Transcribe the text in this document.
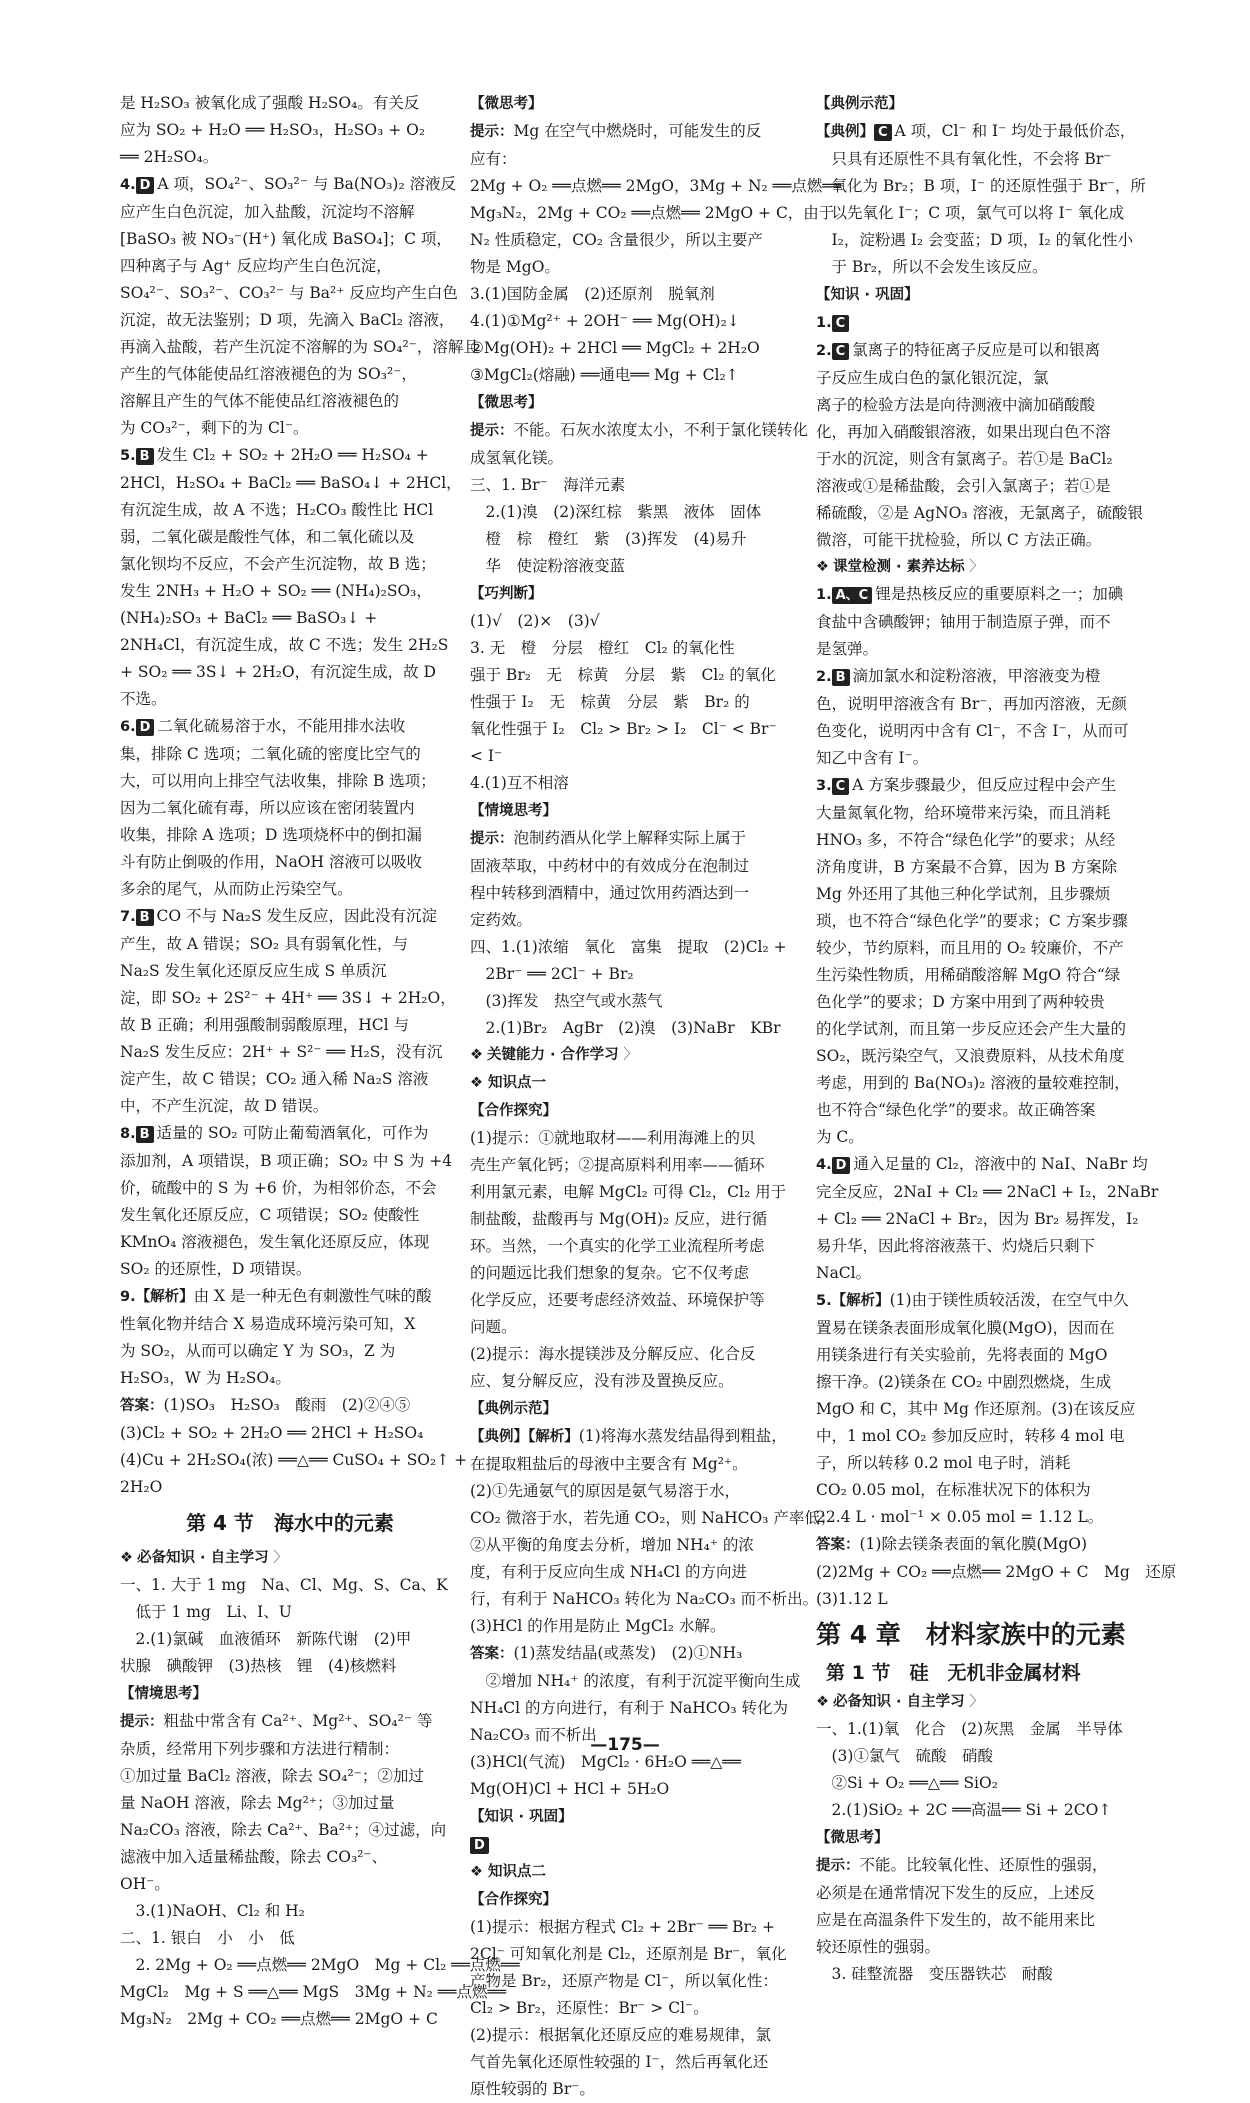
是 H₂SO₃ 被氧化成了强酸 H₂SO₄。有关反
应为 SO₂ + H₂O ══ H₂SO₃，H₂SO₃ + O₂
══ 2H₂SO₄。
4. D A 项，SO₄²⁻、SO₃²⁻ 与 Ba(NO₃)₂ 溶液反
应产生白色沉淀，加入盐酸，沉淀均不溶解
[BaSO₃ 被 NO₃⁻(H⁺) 氧化成 BaSO₄]；C 项，
四种离子与 Ag⁺ 反应均产生白色沉淀，
SO₄²⁻、SO₃²⁻、CO₃²⁻ 与 Ba²⁺ 反应均产生白色
沉淀，故无法鉴别；D 项，先滴入 BaCl₂ 溶液，
再滴入盐酸，若产生沉淀不溶解的为 SO₄²⁻，溶解且
产生的气体能使品红溶液褪色的为 SO₃²⁻，
溶解且产生的气体不能使品红溶液褪色的
为 CO₃²⁻，剩下的为 Cl⁻。
5. B 发生 Cl₂ + SO₂ + 2H₂O ══ H₂SO₄ +
2HCl，H₂SO₄ + BaCl₂ ══ BaSO₄↓ + 2HCl，
有沉淀生成，故 A 不选；H₂CO₃ 酸性比 HCl
弱，二氧化碳是酸性气体，和二氧化硫以及
氯化钡均不反应，不会产生沉淀物，故 B 选；
发生 2NH₃ + H₂O + SO₂ ══ (NH₄)₂SO₃，
(NH₄)₂SO₃ + BaCl₂ ══ BaSO₃↓ +
2NH₄Cl，有沉淀生成，故 C 不选；发生 2H₂S
+ SO₂ ══ 3S↓ + 2H₂O，有沉淀生成，故 D
不选。
6. D 二氧化硫易溶于水，不能用排水法收
集，排除 C 选项；二氧化硫的密度比空气的
大，可以用向上排空气法收集，排除 B 选项；
因为二氧化硫有毒，所以应该在密闭装置内
收集，排除 A 选项；D 选项烧杯中的倒扣漏
斗有防止倒吸的作用，NaOH 溶液可以吸收
多余的尾气，从而防止污染空气。
7. B CO 不与 Na₂S 发生反应，因此没有沉淀
产生，故 A 错误；SO₂ 具有弱氧化性，与
Na₂S 发生氧化还原反应生成 S 单质沉
淀，即 SO₂ + 2S²⁻ + 4H⁺ ══ 3S↓ + 2H₂O，
故 B 正确；利用强酸制弱酸原理，HCl 与
Na₂S 发生反应：2H⁺ + S²⁻ ══ H₂S，没有沉
淀产生，故 C 错误；CO₂ 通入稀 Na₂S 溶液
中，不产生沉淀，故 D 错误。
8. B 适量的 SO₂ 可防止葡萄酒氧化，可作为
添加剂，A 项错误，B 项正确；SO₂ 中 S 为 +4
价，硫酸中的 S 为 +6 价，为相邻价态，不会
发生氧化还原反应，C 项错误；SO₂ 使酸性
KMnO₄ 溶液褪色，发生氧化还原反应，体现
SO₂ 的还原性，D 项错误。
9.【解析】由 X 是一种无色有刺激性气味的酸
性氧化物并结合 X 易造成环境污染可知，X
为 SO₂，从而可以确定 Y 为 SO₃，Z 为
H₂SO₃，W 为 H₂SO₄。
答案：(1)SO₃　H₂SO₃　酸雨　(2)②④⑤
(3)Cl₂ + SO₂ + 2H₂O ══ 2HCl + H₂SO₄
(4)Cu + 2H₂SO₄(浓) ══△══ CuSO₄ + SO₂↑ +
2H₂O
第 4 节　海水中的元素
❖ 必备知识 · 自主学习 〉
一、1. 大于 1 mg　Na、Cl、Mg、S、Ca、K
　低于 1 mg　Li、I、U
　2.(1)氯碱　血液循环　新陈代谢　(2)甲
状腺　碘酸钾　(3)热核　锂　(4)核燃料
【情境思考】
提示：粗盐中常含有 Ca²⁺、Mg²⁺、SO₄²⁻ 等
杂质，经常用下列步骤和方法进行精制：
①加过量 BaCl₂ 溶液，除去 SO₄²⁻；②加过
量 NaOH 溶液，除去 Mg²⁺；③加过量
Na₂CO₃ 溶液，除去 Ca²⁺、Ba²⁺；④过滤，向
滤液中加入适量稀盐酸，除去 CO₃²⁻、
OH⁻。
　3.(1)NaOH、Cl₂ 和 H₂
二、1. 银白　小　小　低
　2. 2Mg + O₂ ══点燃══ 2MgO　Mg + Cl₂ ══点燃══
MgCl₂　Mg + S ══△══ MgS　3Mg + N₂ ══点燃══
Mg₃N₂　2Mg + CO₂ ══点燃══ 2MgO + C
【微思考】
提示：Mg 在空气中燃烧时，可能发生的反
应有：
2Mg + O₂ ══点燃══ 2MgO，3Mg + N₂ ══点燃══
Mg₃N₂，2Mg + CO₂ ══点燃══ 2MgO + C，由于
N₂ 性质稳定，CO₂ 含量很少，所以主要产
物是 MgO。
3.(1)国防金属　(2)还原剂　脱氧剂
4.(1)①Mg²⁺ + 2OH⁻ ══ Mg(OH)₂↓
②Mg(OH)₂ + 2HCl ══ MgCl₂ + 2H₂O
③MgCl₂(熔融) ══通电══ Mg + Cl₂↑
【微思考】
提示：不能。石灰水浓度太小，不利于氯化镁转化
成氢氧化镁。
三、1. Br⁻　海洋元素
　2.(1)溴　(2)深红棕　紫黑　液体　固体
　橙　棕　橙红　紫　(3)挥发　(4)易升
　华　使淀粉溶液变蓝
【巧判断】
(1)√　(2)×　(3)√
3. 无　橙　分层　橙红　Cl₂ 的氧化性
强于 Br₂　无　棕黄　分层　紫　Cl₂ 的氧化
性强于 I₂　无　棕黄　分层　紫　Br₂ 的
氧化性强于 I₂　Cl₂ > Br₂ > I₂　Cl⁻ < Br⁻
< I⁻
4.(1)互不相溶
【情境思考】
提示：泡制药酒从化学上解释实际上属于
固液萃取，中药材中的有效成分在泡制过
程中转移到酒精中，通过饮用药酒达到一
定药效。
四、1.(1)浓缩　氧化　富集　提取　(2)Cl₂ +
　2Br⁻ ══ 2Cl⁻ + Br₂
　(3)挥发　热空气或水蒸气
　2.(1)Br₂　AgBr　(2)溴　(3)NaBr　KBr
❖ 关键能力 · 合作学习 〉
❖ 知识点一
【合作探究】
(1)提示：①就地取材——利用海滩上的贝
壳生产氧化钙；②提高原料利用率——循环
利用氯元素，电解 MgCl₂ 可得 Cl₂，Cl₂ 用于
制盐酸，盐酸再与 Mg(OH)₂ 反应，进行循
环。当然，一个真实的化学工业流程所考虑
的问题远比我们想象的复杂。它不仅考虑
化学反应，还要考虑经济效益、环境保护等
问题。
(2)提示：海水提镁涉及分解反应、化合反
应、复分解反应，没有涉及置换反应。
【典例示范】
【典例】【解析】(1)将海水蒸发结晶得到粗盐，
在提取粗盐后的母液中主要含有 Mg²⁺。
(2)①先通氨气的原因是氨气易溶于水，
CO₂ 微溶于水，若先通 CO₂，则 NaHCO₃ 产率低；
②从平衡的角度去分析，增加 NH₄⁺ 的浓
度，有利于反应向生成 NH₄Cl 的方向进
行，有利于 NaHCO₃ 转化为 Na₂CO₃ 而不析出。
(3)HCl 的作用是防止 MgCl₂ 水解。
答案：(1)蒸发结晶(或蒸发)　(2)①NH₃
　②增加 NH₄⁺ 的浓度，有利于沉淀平衡向生成
NH₄Cl 的方向进行，有利于 NaHCO₃ 转化为
Na₂CO₃ 而不析出
(3)HCl(气流)　MgCl₂ · 6H₂O ══△══
Mg(OH)Cl + HCl + 5H₂O
【知识 · 巩固】
D
❖ 知识点二
【合作探究】
(1)提示：根据方程式 Cl₂ + 2Br⁻ ══ Br₂ +
2Cl⁻ 可知氧化剂是 Cl₂，还原剂是 Br⁻，氧化
产物是 Br₂，还原产物是 Cl⁻，所以氧化性：
Cl₂ > Br₂，还原性：Br⁻ > Cl⁻。
(2)提示：根据氧化还原反应的难易规律，氯
气首先氧化还原性较强的 I⁻，然后再氧化还
原性较弱的 Br⁻。
【典例示范】
【典例】 C A 项，Cl⁻ 和 I⁻ 均处于最低价态，
　只具有还原性不具有氧化性，不会将 Br⁻
　氧化为 Br₂；B 项，I⁻ 的还原性强于 Br⁻，所
　以先氧化 I⁻；C 项，氯气可以将 I⁻ 氧化成
　I₂，淀粉遇 I₂ 会变蓝；D 项，I₂ 的氧化性小
　于 Br₂，所以不会发生该反应。
【知识 · 巩固】
1. C
2. C 氯离子的特征离子反应是可以和银离
子反应生成白色的氯化银沉淀，氯
离子的检验方法是向待测液中滴加硝酸酸
化，再加入硝酸银溶液，如果出现白色不溶
于水的沉淀，则含有氯离子。若①是 BaCl₂
溶液或①是稀盐酸，会引入氯离子；若①是
稀硫酸，②是 AgNO₃ 溶液，无氯离子，硫酸银
微溶，可能干扰检验，所以 C 方法正确。
❖ 课堂检测 · 素养达标 〉
1. A、C 锂是热核反应的重要原料之一；加碘
食盐中含碘酸钾；铀用于制造原子弹，而不
是氢弹。
2. B 滴加氯水和淀粉溶液，甲溶液变为橙
色，说明甲溶液含有 Br⁻，再加丙溶液，无颜
色变化，说明丙中含有 Cl⁻，不含 I⁻，从而可
知乙中含有 I⁻。
3. C A 方案步骤最少，但反应过程中会产生
大量氮氧化物，给环境带来污染，而且消耗
HNO₃ 多，不符合“绿色化学”的要求；从经
济角度讲，B 方案最不合算，因为 B 方案除
Mg 外还用了其他三种化学试剂，且步骤烦
琐，也不符合“绿色化学”的要求；C 方案步骤
较少，节约原料，而且用的 O₂ 较廉价，不产
生污染性物质，用稀硝酸溶解 MgO 符合“绿
色化学”的要求；D 方案中用到了两种较贵
的化学试剂，而且第一步反应还会产生大量的
SO₂，既污染空气，又浪费原料，从技术角度
考虑，用到的 Ba(NO₃)₂ 溶液的量较难控制，
也不符合“绿色化学”的要求。故正确答案
为 C。
4. D 通入足量的 Cl₂，溶液中的 NaI、NaBr 均
完全反应，2NaI + Cl₂ ══ 2NaCl + I₂，2NaBr
+ Cl₂ ══ 2NaCl + Br₂，因为 Br₂ 易挥发，I₂
易升华，因此将溶液蒸干、灼烧后只剩下
NaCl。
5.【解析】(1)由于镁性质较活泼，在空气中久
置易在镁条表面形成氧化膜(MgO)，因而在
用镁条进行有关实验前，先将表面的 MgO
擦干净。(2)镁条在 CO₂ 中剧烈燃烧，生成
MgO 和 C，其中 Mg 作还原剂。(3)在该反应
中，1 mol CO₂ 参加反应时，转移 4 mol 电
子，所以转移 0.2 mol 电子时，消耗
CO₂ 0.05 mol，在标准状况下的体积为
22.4 L · mol⁻¹ × 0.05 mol = 1.12 L。
答案：(1)除去镁条表面的氧化膜(MgO)
(2)2Mg + CO₂ ══点燃══ 2MgO + C　Mg　还原
(3)1.12 L
第 4 章　材料家族中的元素
第 1 节　硅　无机非金属材料
❖ 必备知识 · 自主学习 〉
一、1.(1)氧　化合　(2)灰黑　金属　半导体
　(3)①氯气　硫酸　硝酸
　②Si + O₂ ══△══ SiO₂
　2.(1)SiO₂ + 2C ══高温══ Si + 2CO↑
【微思考】
提示：不能。比较氧化性、还原性的强弱，
必须是在通常情况下发生的反应，上述反
应是在高温条件下发生的，故不能用来比
较还原性的强弱。
　3. 硅整流器　变压器铁芯　耐酸
—175—
